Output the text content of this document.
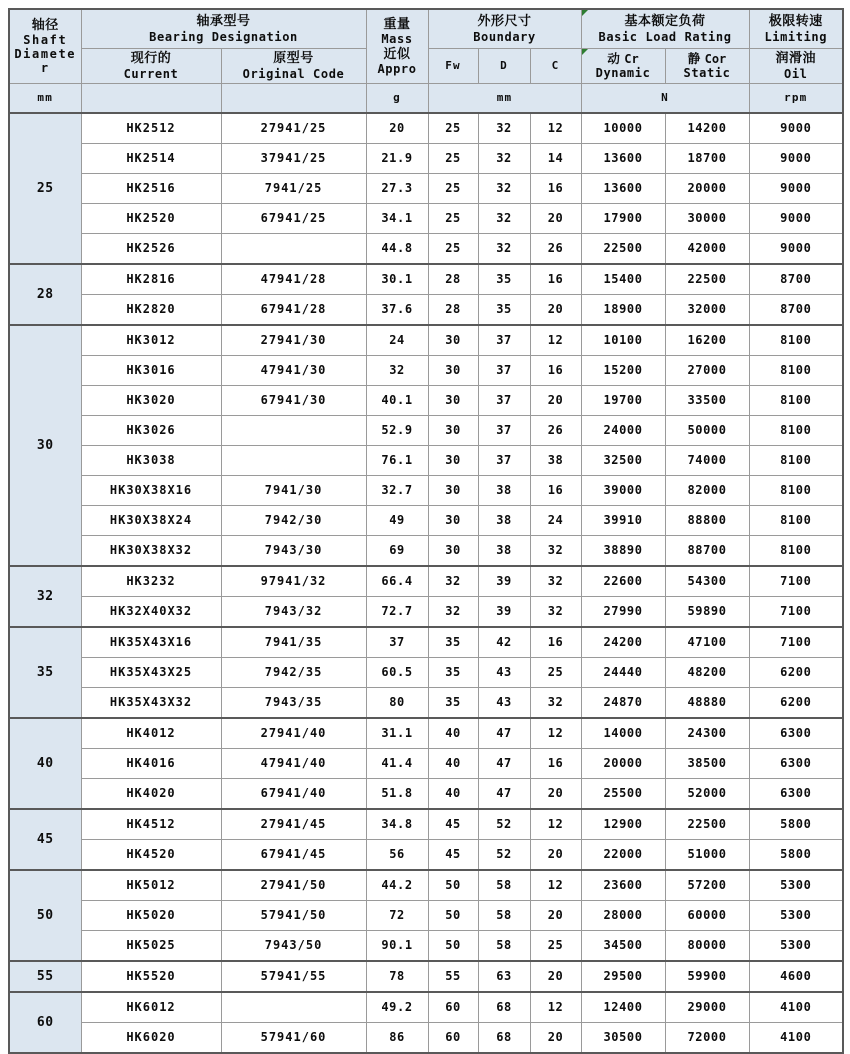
轴径
Shaft
Diamete
r	轴承型号
Bearing Designation		重量
Mass
近似
Appro	外形尺寸
Boundary			基本额定负荷
Basic Load Rating		极限转速
Limiting

	现行的
Current	原型号
Original Code		Fw	D	C	动 Cr
Dynamic	静 Cor
Static	润滑油
Oil

mm			g	mm			N		rpm

25	HK2512	27941/25	20	25	32	12	10000	14200	9000
	HK2514	37941/25	21.9	25	32	14	13600	18700	9000
	HK2516	7941/25	27.3	25	32	16	13600	20000	9000
	HK2520	67941/25	34.1	25	32	20	17900	30000	9000
	HK2526		44.8	25	32	26	22500	42000	9000
28	HK2816	47941/28	30.1	28	35	16	15400	22500	8700
	HK2820	67941/28	37.6	28	35	20	18900	32000	8700
30	HK3012	27941/30	24	30	37	12	10100	16200	8100
	HK3016	47941/30	32	30	37	16	15200	27000	8100
	HK3020	67941/30	40.1	30	37	20	19700	33500	8100
	HK3026		52.9	30	37	26	24000	50000	8100
	HK3038		76.1	30	37	38	32500	74000	8100
	HK30X38X16	7941/30	32.7	30	38	16	39000	82000	8100
	HK30X38X24	7942/30	49	30	38	24	39910	88800	8100
	HK30X38X32	7943/30	69	30	38	32	38890	88700	8100
32	HK3232	97941/32	66.4	32	39	32	22600	54300	7100
	HK32X40X32	7943/32	72.7	32	39	32	27990	59890	7100
35	HK35X43X16	7941/35	37	35	42	16	24200	47100	7100
	HK35X43X25	7942/35	60.5	35	43	25	24440	48200	6200
	HK35X43X32	7943/35	80	35	43	32	24870	48880	6200
40	HK4012	27941/40	31.1	40	47	12	14000	24300	6300
	HK4016	47941/40	41.4	40	47	16	20000	38500	6300
	HK4020	67941/40	51.8	40	47	20	25500	52000	6300
45	HK4512	27941/45	34.8	45	52	12	12900	22500	5800
	HK4520	67941/45	56	45	52	20	22000	51000	5800
50	HK5012	27941/50	44.2	50	58	12	23600	57200	5300
	HK5020	57941/50	72	50	58	20	28000	60000	5300
	HK5025	7943/50	90.1	50	58	25	34500	80000	5300
55	HK5520	57941/55	78	55	63	20	29500	59900	4600
60	HK6012		49.2	60	68	12	12400	29000	4100
	HK6020	57941/60	86	60	68	20	30500	72000	4100
